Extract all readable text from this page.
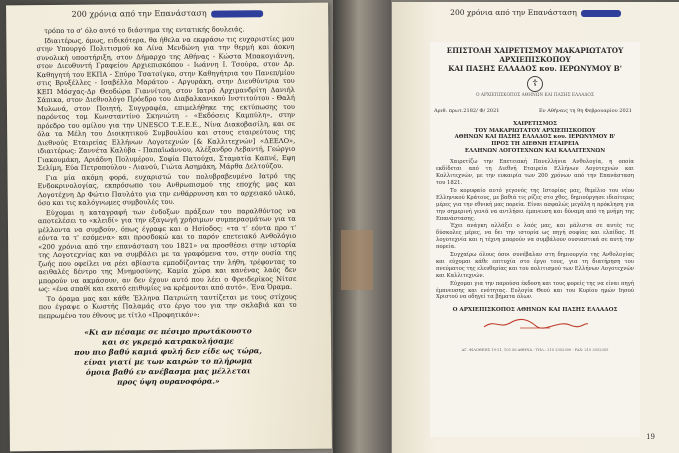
200 χρόνια από την Επανάσταση

τρόπο το σ' όλο αυτό το διάστημα της εντατικής δουλειάς.

Ιδιαιτέρως, όμως, ειδικότερα, θα ήθελα να εκφράσω τις ευχαριστίες μου στην Υπουργό Πολιτισμού κα Λίνα Μενδώνη για την θερμή και άοκνη συνολική υποστήριξη, στον Δήμαρχο της Αθήνας - Κώστα Μπακογιάννη, στον Διευθυντή Γραφείου Αρχιεπισκόπου - Ιωάννη Ι. Τσούρα, στον Δρ. Καθηγητή του ΕΚΠΑ - Σπύρο Τσατσίγκο, στην Καθηγήτρια του Πανεπ/μίου στις Βρυξέλλες - Ισαβέλλα Μαράτου - Αργυράκη, στην Διευθύντρια του ΚΕΠ Μόσχας-Δρ Θεοδώρα Γιαννίτση, στον Ιατρό Αρχιμανδρίτη Δανιήλ Σάπικα, στον Διεθνολόγο Πρόεδρο του Διαβαλκανικού Ινστιτούτου - Θαλή Μυλωνά, στον Ποιητή, Συγγραφέα, επιμελήθηκε της εκτύπωσης του παρόντος τομ Κωνσταντίνο Σκηνιώτη - «Εκδόσεις Καμπύλη», στην πρόεδρο του ομίλου για την UNESCO Τ.Ε.Ε.Ε., Νίνα Διακοβασίλη, και σε όλα τα Μέλη του Διοικητικού Συμβουλίου και στους εταιρεύτους της Διεθνούς Εταιρείας Ελλήνων Λογοτεχνών [& Καλλιτεχνών] «ΔΕΕΛΟ», ιδιαιτέρως: Ζαννέτα Καλύβα - Παπαϊωάννου, Αλέξανδρο Λεβαντή, Γεώργιο Γιακουμάκη, Αριάδνη Πολυμέρου, Σοφία Πατούχα, Σταματία Καπνέ, Εφη Σελίμη, Εύα Πετροπούλου - Λιανού, Γιώτα Ασημάκη, Μάρθα Δελτούζου.

Για μία ακόμη φορά, ευχαριστώ τον πολυβραβευμένο Ιατρό της Ενδοκρινολογίας, εκπρόσωπο του Ανθρωπισμού της εποχής μας και Λογοτέχνη Δρ Φώτιο Παυλάτο για την ενθάρρυνση και το αρχειακό υλικό, όσο και τις καλόγνωμες συμβουλές του.

Εύχομαι η καταγραφή των ένδοξων πράξεων του παραλθόντος να αποτελέσει το «κλειδί» για την εξαγωγή χρήσιμων συμπερασμάτων για τα μέλλοντα να συμβούν, όπως έγραφε και ο Ησίοδος: «τα τ' εόντα προ τ' εόντα τα τ' εσόμενα» και προσδοκώ και το παρόν επετειακό Ανθολόγιο «200 χρόνια από την επανάσταση του 1821» να προσθέσει στην ιστορία της Λογοτεχνίας και να συμβάλει με τα γραφόμενα του, στην ουσία της ζωής που οφείλει να ρέει αβίαστα εμποδίζοντας την λήθη, τρέφοντας το αειθαλές δέντρο της Μνημοσύνης. Καμία χώρα και κανένας λαός δεν μπορούν να ακμάσουν, αν δεν έχουν αυτό που λέει ο Φρειδερίκος Νίτσε ως: «ένα σπαθί και εκατό επιθυμίες να κρέμονται από αυτό». Ένα Όραμα.

Το όραμα μας και κάθε Έλληνα Πατριώτη ταυτίζεται με τους στίχους που έγραψε ο Κωστής Παλαμάς στο έργο του για την σκλαβιά και το πεπρωμένο του έθνους με τίτλο «Προφητικόν»:

«Κι αν πέσαμε σε πέσιμο πρωτάκουστο
και σε γκρεμό κατρακυλήσαμε
που πιο βαθύ καμιά φυλή δεν είδε ως τώρα,
είναι γιατί με των καιρών το πλήρωμα
όμοια βαθύ εν ανέβασμα μας μέλλεται
προς ύψη ουρανοφόρα.»
200 χρόνια από την Επανάσταση
ΕΠΙΣΤΟΛΗ ΧΑΙΡΕΤΙΣΜΟΥ ΜΑΚΑΡΙΩΤΑΤΟΥ ΑΡΧΙΕΠΙΣΚΟΠΟΥ
ΚΑΙ ΠΑΣΗΣ ΕΛΛΑΔΟΣ κου. ΙΕΡΩΝΥΜΟΥ Β'
☦
Ο ΑΡΧΙΕΠΙΣΚΟΠΟΣ ΑΘΗΝΩΝ ΚΑΙ ΠΑΣΗΣ ΕΛΛΑΔΟΣ
Αριθ. πρωτ.2182/ Φ/ 2021	Εν Αθήναις τη 9η Φεβρουαρίου 2021
ΧΑΙΡΕΤΙΣΜΟΣ
ΤΟΥ ΜΑΚΑΡΙΩΤΑΤΟΥ ΑΡΧΙΕΠΙΣΚΟΠΟΥ
ΑΘΗΝΩΝ ΚΑΙ ΠΑΣΗΣ ΕΛΛΑΔΟΣ κου. ΙΕΡΩΝΥΜΟΥ Β'
ΠΡΟΣ ΤΗ ΔΙΕΘΝΗ ΕΤΑΙΡΕΙΑ
ΕΛΛΗΝΩΝ ΛΟΓΟΤΕΧΝΩΝ ΚΑΙ ΚΑΛΛΙΤΕΧΝΩΝ

Χαιρετίζω την Επετειακή Πανελλήνια Ανθολογία, η οποία εκδίδεται από τη Διεθνή Εταιρεία Ελλήνων Λογοτεχνών και Καλλιτεχνών, με την ευκαιρία των 200 χρόνων από την Επανάσταση του 1821.

Το κορυφαίο αυτό γεγονός της Ιστορίας μας, θεμέλιο του νέου Ελληνικού Κράτους, με βαθιά τις ρίζες στο χθες, δημιούργησε ιδιαίτερες μέρες για την εθνική μας πορεία. Είναι ασφαλώς μεγάλη η πρόκληση για την σημερινή γενιά να αντλήσει έμπνευση και δύναμη από τη μνήμη της Επανάστασης.

Έχει ανάγκη αλλάξει ο λαός μας, και μάλιστα σε αυτές τις δύσκολες μέρες, να δει την ιστορία ως πηγή σοφίας και ελπίδας. Η λογοτεχνία και η τέχνη μπορούν να συμβάλουν ουσιαστικά σε αυτή την πορεία.

Συγχαίρω όλους όσοι συνέβαλαν στη δημιουργία της Ανθολογίας και εύχομαι κάθε επιτυχία στο έργο τους, για τη διατήρηση του πνεύματος της ελευθερίας και του πολιτισμού των Ελλήνων Λογοτεχνών και Καλλιτεχνών.

Εύχομαι για την παρούσα έκδοση και τους φορείς της να είναι πηγή έμπνευσης και ενότητας. Ευλογία Θεού και του Κυρίου ημών Ιησού Χριστού να οδηγεί τα βήματα όλων.

Ο ΑΡΧΙΕΠΙΣΚΟΠΟΣ ΑΘΗΝΩΝ ΚΑΙ ΠΑΣΗΣ ΕΛΛΑΔΟΣ
ΑΓ. ΦΙΛΟΘΕΗΣ 19-21, 105 56 ΑΘΗΝΑ - ΤΗΛ.: 210 3352300 - FAX: 210 3352305
19
